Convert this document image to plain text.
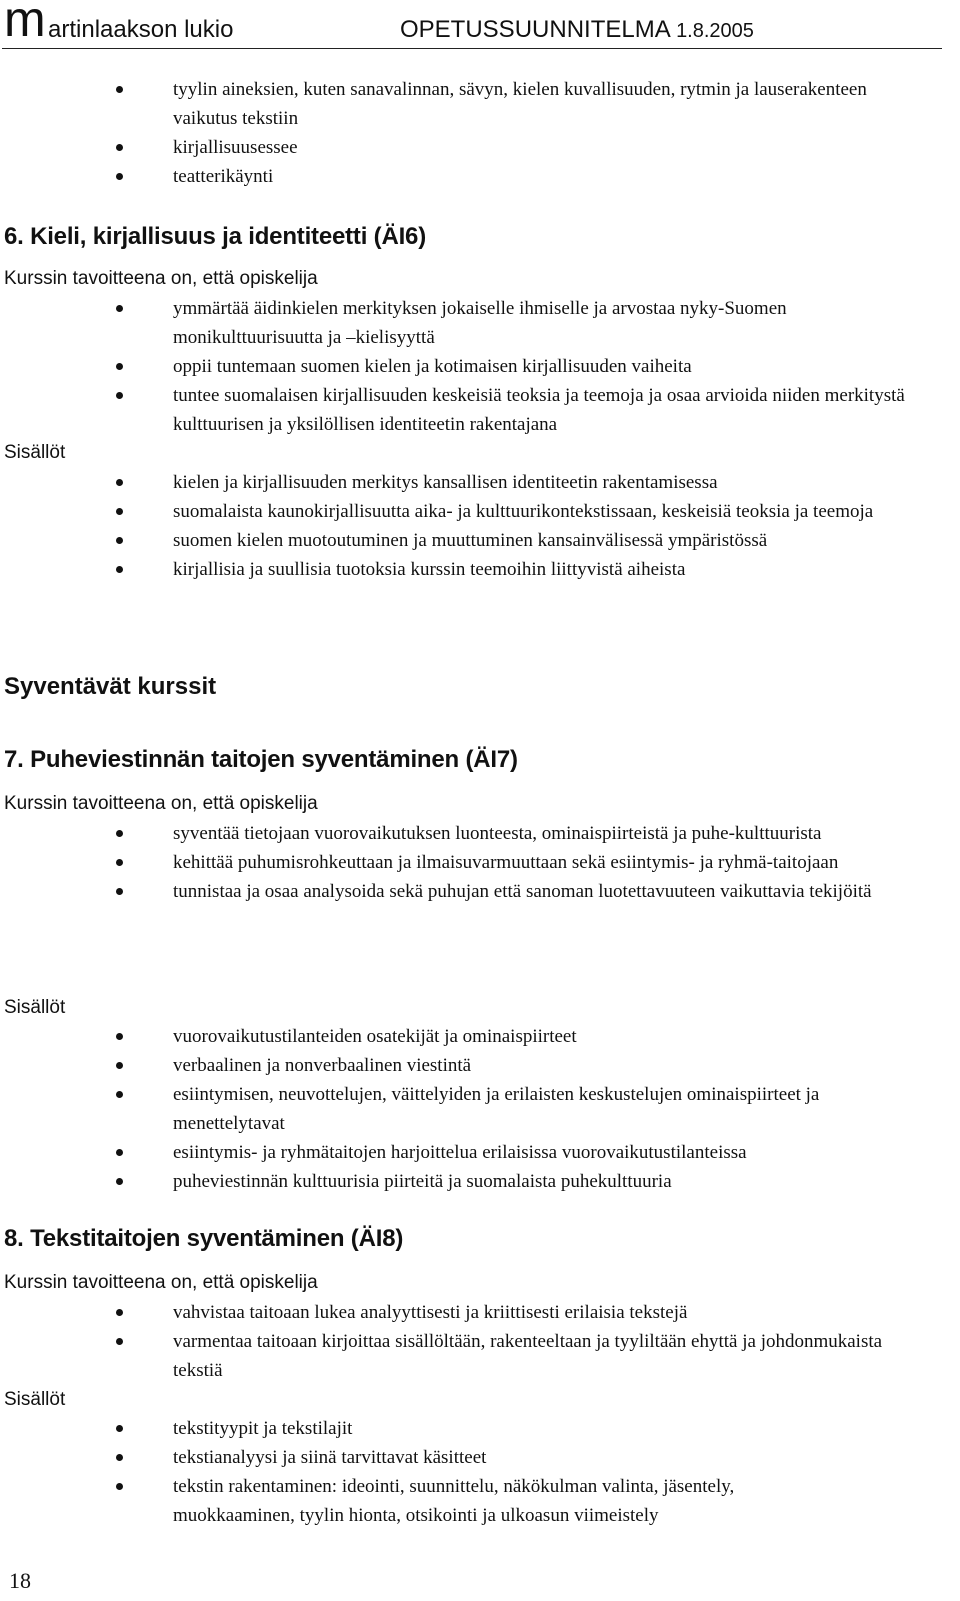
m artinlaakson lukio	OPETUSSUUNNITELMA 1.8.2005
tyylin aineksien, kuten sanavalinnan, sävyn, kielen kuvallisuuden, rytmin ja lauserakenteen vaikutus tekstiin
kirjallisuusessee
teatterikäynti
6. Kieli, kirjallisuus ja identiteetti (ÄI6)

Kurssin tavoitteena on, että opiskelija

ymmärtää äidinkielen merkityksen jokaiselle ihmiselle ja arvostaa nyky-Suomen monikulttuurisuutta ja –kielisyyttä
oppii tuntemaan suomen kielen ja kotimaisen kirjallisuuden vaiheita
tuntee suomalaisen kirjallisuuden keskeisiä teoksia ja teemoja ja osaa arvioida niiden merkitystä kulttuurisen ja yksilöllisen identiteetin rakentajana

Sisällöt

kielen ja kirjallisuuden merkitys kansallisen identiteetin rakentamisessa
suomalaista kaunokirjallisuutta aika- ja kulttuurikontekstissaan, keskeisiä teoksia ja teemoja
suomen kielen muotoutuminen ja muuttuminen kansainvälisessä ympäristössä
kirjallisia ja suullisia tuotoksia kurssin teemoihin liittyvistä aiheista
Syventävät kurssit
7. Puheviestinnän taitojen syventäminen (ÄI7)

Kurssin tavoitteena on, että opiskelija

syventää tietojaan vuorovaikutuksen luonteesta, ominaispiirteistä ja puhe-kulttuurista
kehittää puhumisrohkeuttaan ja ilmaisuvarmuuttaan sekä esiintymis- ja ryhmä-taitojaan
tunnistaa ja osaa analysoida sekä puhujan että sanoman luotettavuuteen vaikuttavia tekijöitä

Sisällöt

vuorovaikutustilanteiden osatekijät ja ominaispiirteet
verbaalinen ja nonverbaalinen viestintä
esiintymisen, neuvottelujen, väittelyiden ja erilaisten keskustelujen ominaispiirteet ja menettelytavat
esiintymis- ja ryhmätaitojen harjoittelua erilaisissa vuorovaikutustilanteissa
puheviestinnän kulttuurisia piirteitä ja suomalaista puhekulttuuria
8. Tekstitaitojen syventäminen (ÄI8)

Kurssin tavoitteena on, että opiskelija

vahvistaa taitoaan lukea analyyttisesti ja kriittisesti erilaisia tekstejä
varmentaa taitoaan kirjoittaa sisällöltään, rakenteeltaan ja tyyliltään ehyttä ja johdonmukaista tekstiä

Sisällöt

tekstityypit ja tekstilajit
tekstianalyysi ja siinä tarvittavat käsitteet
tekstin rakentaminen: ideointi, suunnittelu, näkökulman valinta, jäsentely, muokkaaminen, tyylin hionta, otsikointi ja ulkoasun viimeistely
18
